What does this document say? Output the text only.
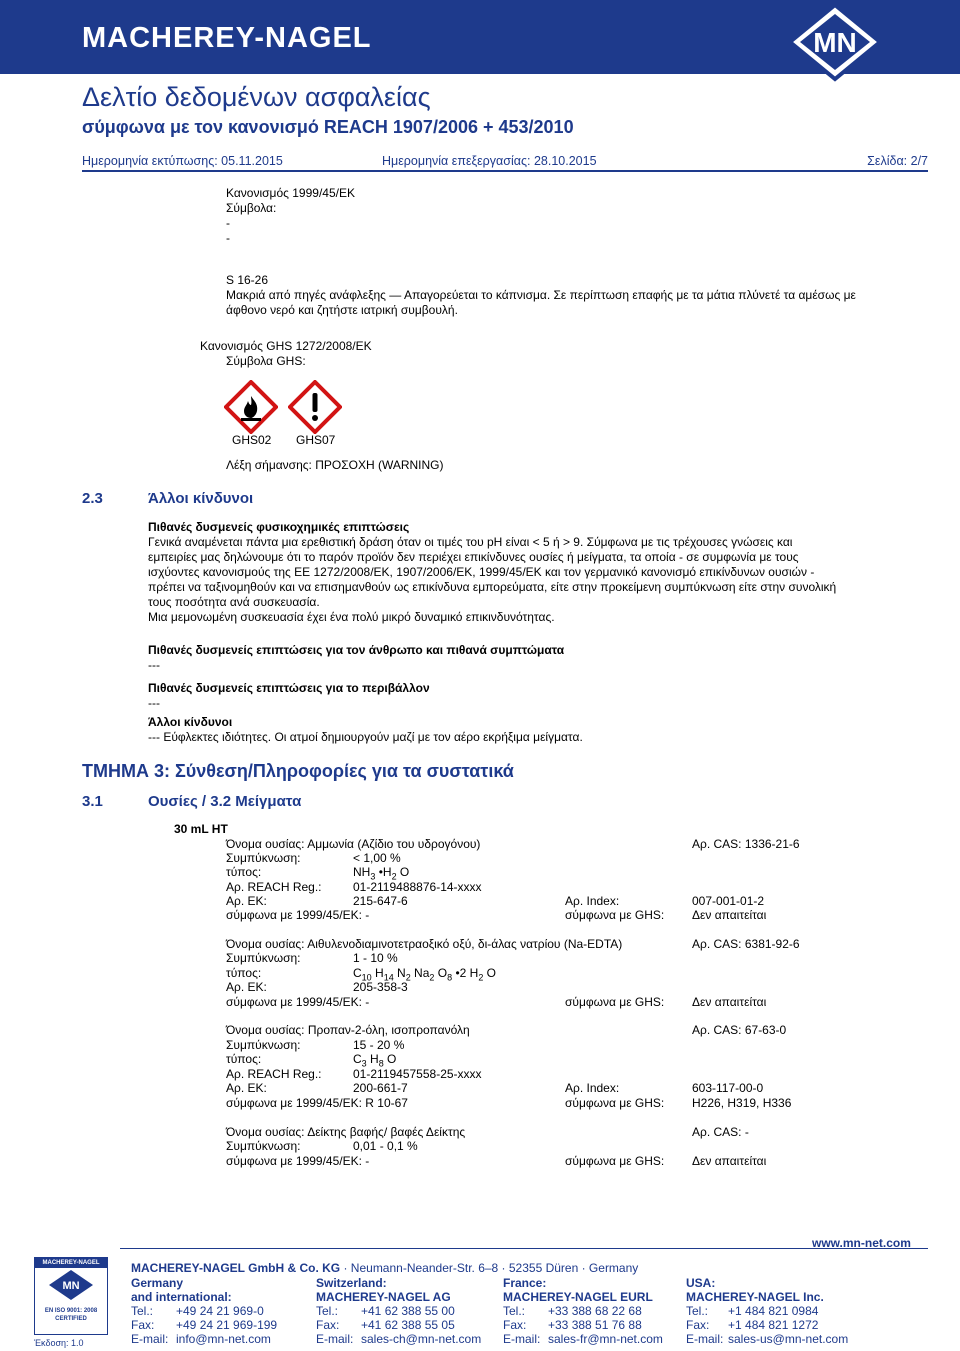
MACHEREY-NAGEL	MN
Δελτίο δεδομένων ασφαλείας
σύμφωνα με τον κανονισμό REACH 1907/2006 + 453/2010
Ημερομηνία εκτύπωσης: 05.11.2015	Ημερομηνία επεξεργασίας: 28.10.2015	Σελίδα: 2/7
Κανονισμός 1999/45/ΕΚ
Σύμβολα:
-
-
S 16-26
Μακριά από πηγές ανάφλεξης — Απαγορεύεται το κάπνισμα. Σε περίπτωση επαφής με τα μάτια πλύνετέ τα αμέσως με
άφθονο νερό και ζητήστε ιατρική συμβουλή.
Κανονισμός GHS 1272/2008/ΕΚ
Σύμβολα GHS:
GHS02 GHS07
Λέξη σήμανσης: ΠΡΟΣΟΧΗ (WARNING)
2.3	Άλλοι κίνδυνοι
Πιθανές δυσμενείς φυσικοχημικές επιπτώσεις
Γενικά αναμένεται πάντα μια ερεθιστική δράση όταν οι τιμές του pH είναι < 5 ή > 9. Σύμφωνα με τις τρέχουσες γνώσεις και
εμπειρίες μας δηλώνουμε ότι το παρόν προϊόν δεν περιέχει επικίνδυνες ουσίες ή μείγματα, τα οποία - σε συμφωνία με τους
ισχύοντες κανονισμούς της ΕΕ 1272/2008/ΕΚ, 1907/2006/ΕΚ, 1999/45/ΕΚ και τον γερμανικό κανονισμό επικίνδυνων ουσιών -
πρέπει να ταξινομηθούν και να επισημανθούν ως επικίνδυνα εμπορεύματα, είτε στην προκείμενη συμπύκνωση είτε στην συνολική
τους ποσότητα ανά συσκευασία.
Μια μεμονωμένη συσκευασία έχει ένα πολύ μικρό δυναμικό επικινδυνότητας.
Πιθανές δυσμενείς επιπτώσεις για τον άνθρωπο και πιθανά συμπτώματα
---
Πιθανές δυσμενείς επιπτώσεις για το περιβάλλον
---
Άλλοι κίνδυνοι
--- Εύφλεκτες ιδιότητες. Οι ατμοί δημιουργούν μαζί με τον αέρο εκρήξιμα μείγματα.
ΤΜΗΜΑ 3: Σύνθεση/Πληροφορίες για τα συστατικά
3.1	Ουσίες / 3.2 Μείγματα
30 mL HT
Όνομα ουσίας: Αμμωνία (Αζίδιο του υδρογόνου)	Αρ. CAS: 1336-21-6
Συμπύκνωση:	< 1,00 %
τύπος:	$NH_3$ $•H_2$ O
Αρ. REACH Reg.:	01-2119488876-14-xxxx
Αρ. ΕΚ:	215-647-6	Αρ. Index:	007-001-01-2
σύμφωνα με 1999/45/ΕΚ: -	σύμφωνα με GHS: Δεν απαιτείται
Όνομα ουσίας: Αιθυλενοδιαμινοτετραοξικό οξύ, δι-άλας νατρίου (Na-EDTA)	Αρ. CAS: 6381-92-6
Συμπύκνωση:	1 - 10 %
τύπος:	$C_{10}$ $H_{14}$ $N_2$ $Na_2$ $O_8$ •2 $H_2$ O
Αρ. ΕΚ:	205-358-3
σύμφωνα με 1999/45/ΕΚ: -	σύμφωνα με GHS: Δεν απαιτείται
Όνομα ουσίας: Προπαν-2-όλη, ισοπροπανόλη	Αρ. CAS: 67-63-0
Συμπύκνωση:	15 - 20 %
τύπος:	$C_3$ $H_8$ O
Αρ. REACH Reg.:	01-2119457558-25-xxxx
Αρ. ΕΚ:	200-661-7	Αρ. Index:	603-117-00-0
σύμφωνα με 1999/45/ΕΚ: R 10-67	σύμφωνα με GHS: H226, H319, H336
Όνομα ουσίας: Δείκτης βαφής/ βαφές Δείκτης	Αρ. CAS: -
Συμπύκνωση:	0,01 - 0,1 %
σύμφωνα με 1999/45/ΕΚ: -	σύμφωνα με GHS: Δεν απαιτείται
MACHEREY-NAGEL
MN
EN ISO 9001: 2008 CERTIFIED
Έκδοση: 1.0
MACHEREY-NAGEL GmbH & Co. KG · Neumann-Neander-Str. 6–8 · 52355 Düren · Germany
www.mn-net.com
Germany
and international:
Tel.: +49 24 21 969-0
Fax: +49 24 21 969-199
E-mail: info@mn-net.com
Switzerland:
MACHEREY-NAGEL AG
Tel.: +41 62 388 55 00
Fax: +41 62 388 55 05
E-mail: sales-ch@mn-net.com
France:
MACHEREY-NAGEL EURL
Tel.: +33 388 68 22 68
Fax: +33 388 51 76 88
E-mail: sales-fr@mn-net.com
USA:
MACHEREY-NAGEL Inc.
Tel.: +1 484 821 0984
Fax: +1 484 821 1272
E-mail: sales-us@mn-net.com
